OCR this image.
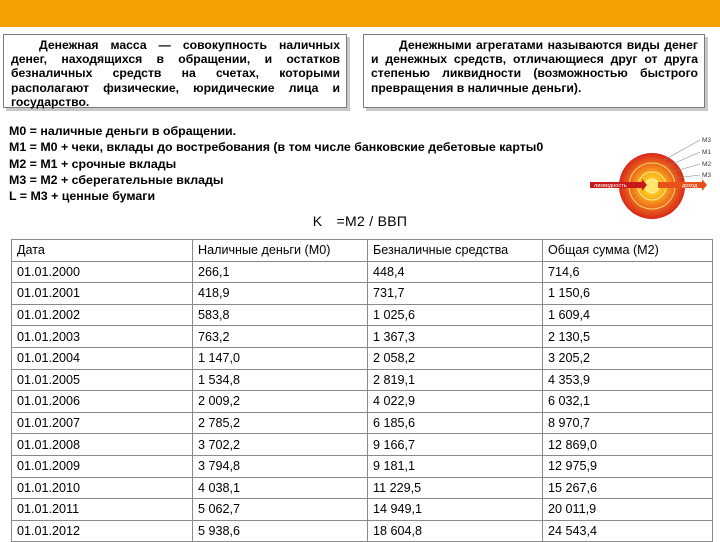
Денежная масса — совокупность наличных денег, находящихся в обращении, и остатков безналичных средств на счетах, которыми располагают физические, юридические лица и государство.
Денежными агрегатами называются виды денег и денежных средств, отличающиеся друг от друга степенью ликвидности (возможностью быстрого превращения в наличные деньги).
М0 = наличные деньги в обращении.
М1 = М0 + чеки, вклады до востребования (в том числе банковские дебетовые карты0
М2 = М1 + срочные вклады
М3 = М2 + сберегательные вклады
L = М3 + ценные бумаги
M3
M1
M2
M3
ликвидность	доход
K =M2 / ВВП
Дата	Наличные деньги (М0)	Безналичные средства	Общая сумма (М2)
01.01.2000	266,1	448,4	714,6
01.01.2001	418,9	731,7	1 150,6
01.01.2002	583,8	1 025,6	1 609,4
01.01.2003	763,2	1 367,3	2 130,5
01.01.2004	1 147,0	2 058,2	3 205,2
01.01.2005	1 534,8	2 819,1	4 353,9
01.01.2006	2 009,2	4 022,9	6 032,1
01.01.2007	2 785,2	6 185,6	8 970,7
01.01.2008	3 702,2	9 166,7	12 869,0
01.01.2009	3 794,8	9 181,1	12 975,9
01.01.2010	4 038,1	11 229,5	15 267,6
01.01.2011	5 062,7	14 949,1	20 011,9
01.01.2012	5 938,6	18 604,8	24 543,4
